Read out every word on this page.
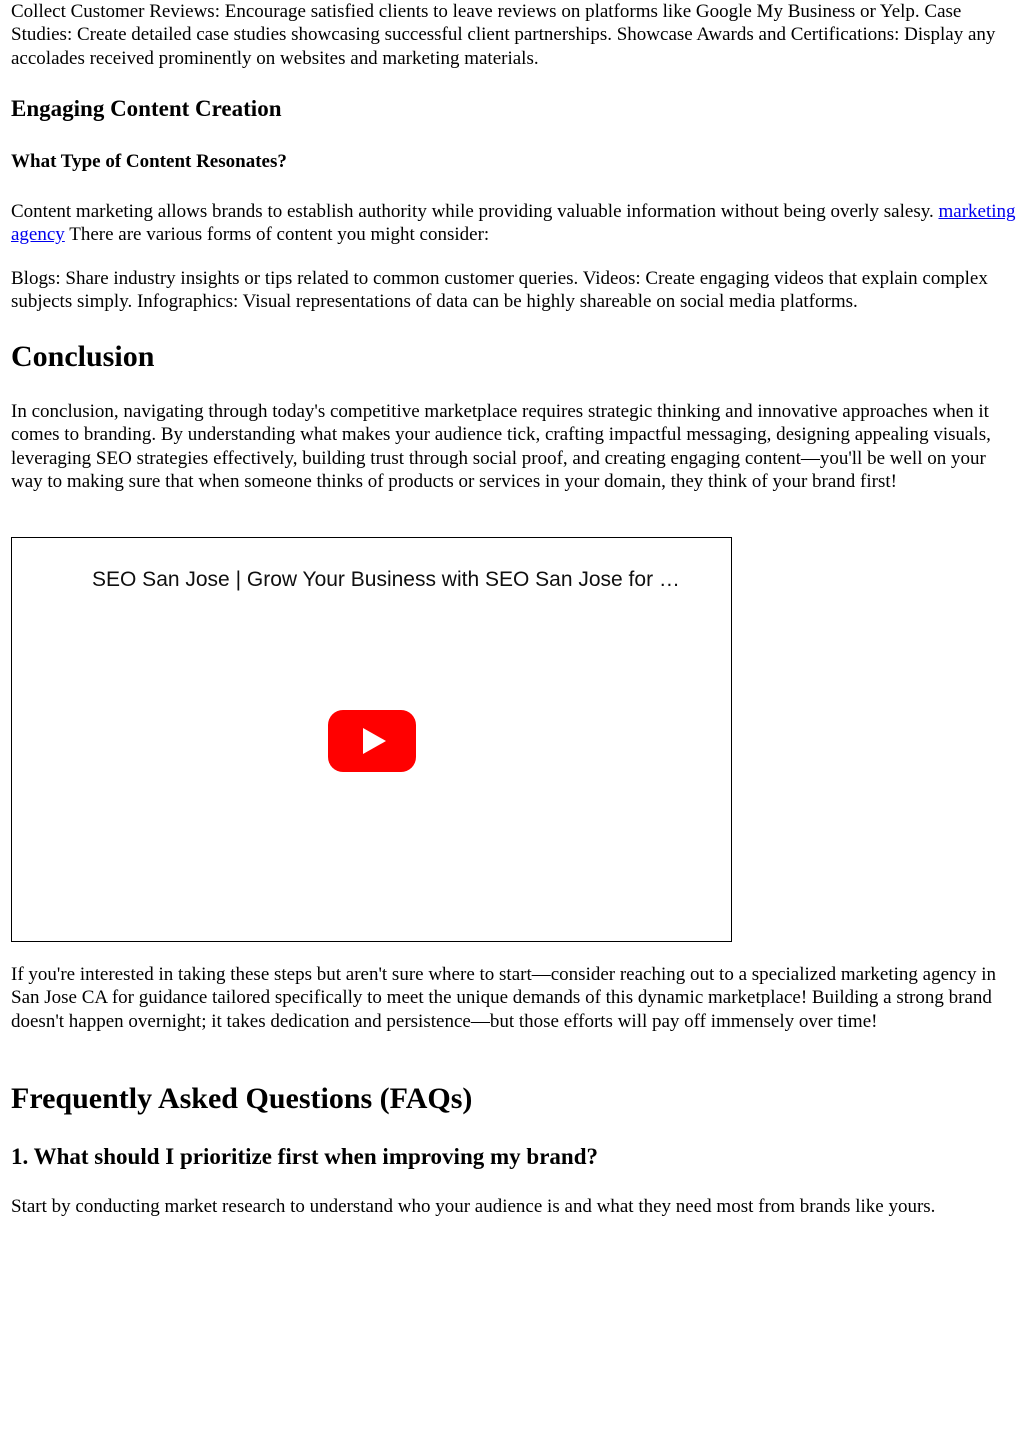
Collect Customer Reviews: Encourage satisfied clients to leave reviews on platforms like Google My Business or Yelp. Case Studies: Create detailed case studies showcasing successful client partnerships. Showcase Awards and Certifications: Display any accolades received prominently on websites and marketing materials.

Engaging Content Creation
What Type of Content Resonates?

Content marketing allows brands to establish authority while providing valuable information without being overly salesy. marketing agency There are various forms of content you might consider:

Blogs: Share industry insights or tips related to common customer queries. Videos: Create engaging videos that explain complex subjects simply. Infographics: Visual representations of data can be highly shareable on social media platforms.

Conclusion

In conclusion, navigating through today's competitive marketplace requires strategic thinking and innovative approaches when it comes to branding. By understanding what makes your audience tick, crafting impactful messaging, designing appealing visuals, leveraging SEO strategies effectively, building trust through social proof, and creating engaging content—you'll be well on your way to making sure that when someone thinks of products or services in your domain, they think of your brand first!

SEO San Jose | Grow Your Business with SEO San Jose for …

If you're interested in taking these steps but aren't sure where to start—consider reaching out to a specialized marketing agency in San Jose CA for guidance tailored specifically to meet the unique demands of this dynamic marketplace! Building a strong brand doesn't happen overnight; it takes dedication and persistence—but those efforts will pay off immensely over time!

Frequently Asked Questions (FAQs)
1. What should I prioritize first when improving my brand?

Start by conducting market research to understand who your audience is and what they need most from brands like yours.
